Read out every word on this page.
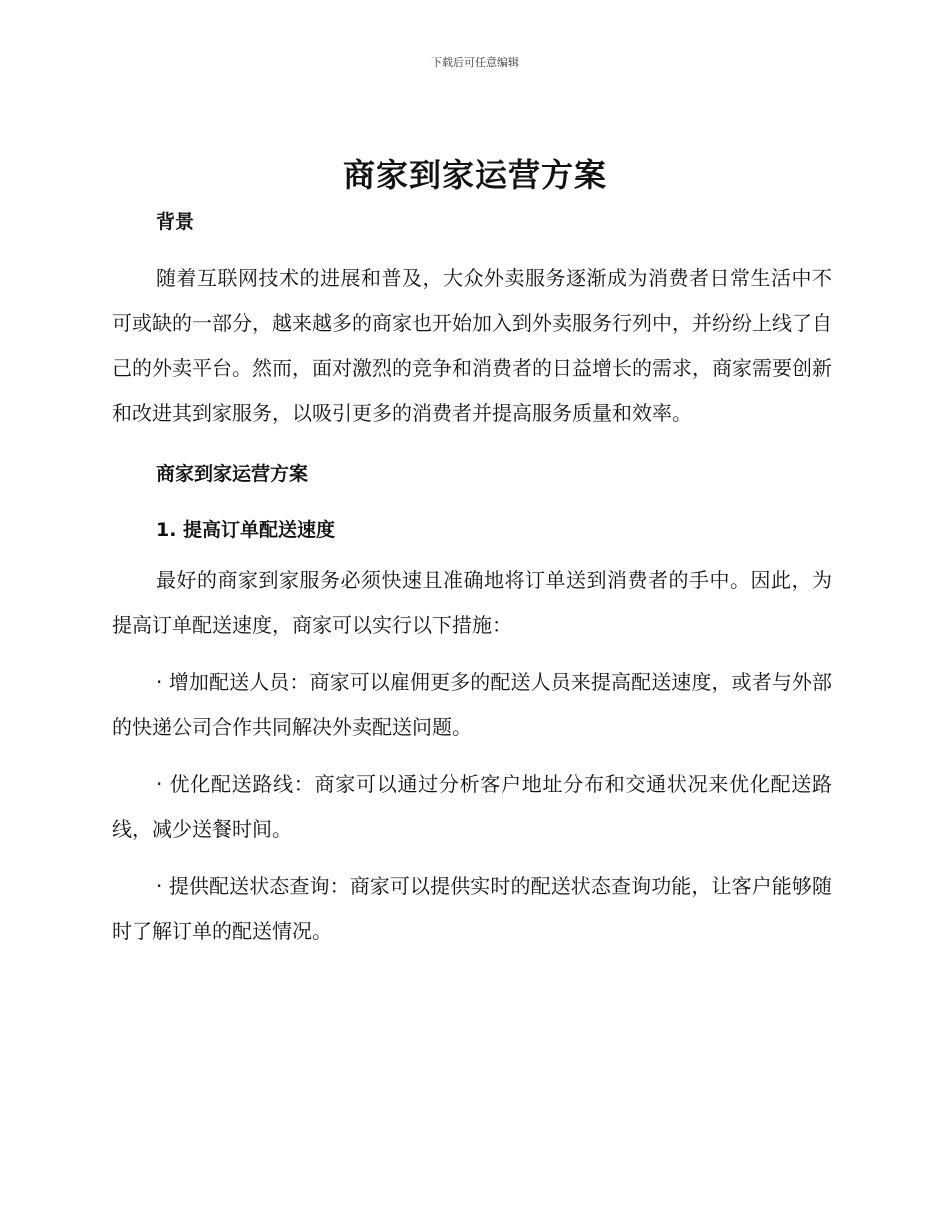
下载后可任意编辑
商家到家运营方案

背景

随着互联网技术的进展和普及，大众外卖服务逐渐成为消费者日常生活中不可或缺的一部分，越来越多的商家也开始加入到外卖服务行列中，并纷纷上线了自己的外卖平台。然而，面对激烈的竞争和消费者的日益增长的需求，商家需要创新和改进其到家服务，以吸引更多的消费者并提高服务质量和效率。

商家到家运营方案

1. 提高订单配送速度

最好的商家到家服务必须快速且准确地将订单送到消费者的手中。因此，为提高订单配送速度，商家可以实行以下措施：

· 增加配送人员：商家可以雇佣更多的配送人员来提高配送速度，或者与外部的快递公司合作共同解决外卖配送问题。

· 优化配送路线：商家可以通过分析客户地址分布和交通状况来优化配送路线，减少送餐时间。

· 提供配送状态查询：商家可以提供实时的配送状态查询功能，让客户能够随时了解订单的配送情况。
